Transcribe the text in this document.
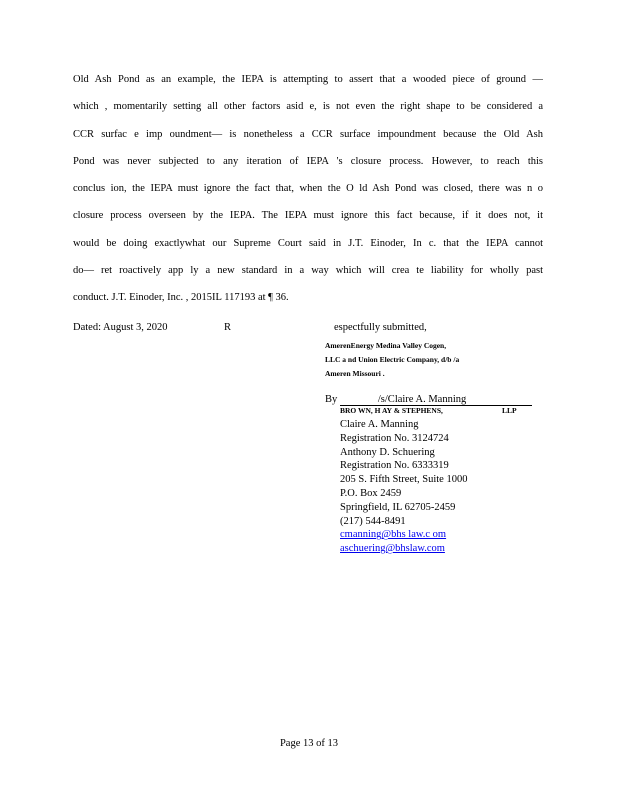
Old Ash Pond as an example, the IEPA is attempting to assert that a wooded piece of ground —
which , momentarily setting all other factors asid e, is not even the right shape to be considered a
CCR surfac e imp oundment— is nonetheless a CCR surface impoundment because the Old Ash
Pond was never subjected to any iteration of IEPA 's closure process. However, to reach this
conclus ion, the IEPA must ignore the fact that, when the O ld Ash Pond was closed, there was n o
closure process overseen by the IEPA. The IEPA must ignore this fact because, if it does not, it
would be doing exactlywhat our Supreme Court said in J.T. Einoder, In c. that the IEPA cannot
do— ret roactively app ly a new standard in a way which will crea te liability for wholly past
conduct. J.T. Einoder, Inc. , 2015IL 117193 at ¶ 36.
Dated: August 3, 2020	R	espectfully submitted,
AmerenEnergy Medina Valley Cogen,
LLC a nd Union Electric Company, d/b /a
Ameren Missouri .
By	/s/Claire A. Manning
BRO WN, H AY & STEPHENS,	LLP
Claire A. Manning
Registration No. 3124724
Anthony D. Schuering
Registration No. 6333319
205 S. Fifth Street, Suite 1000
P.O. Box 2459
Springfield, IL 62705-2459
(217) 544-8491
cmanning@bhs law.c om
aschuering@bhslaw.com
Page 13 of 13
